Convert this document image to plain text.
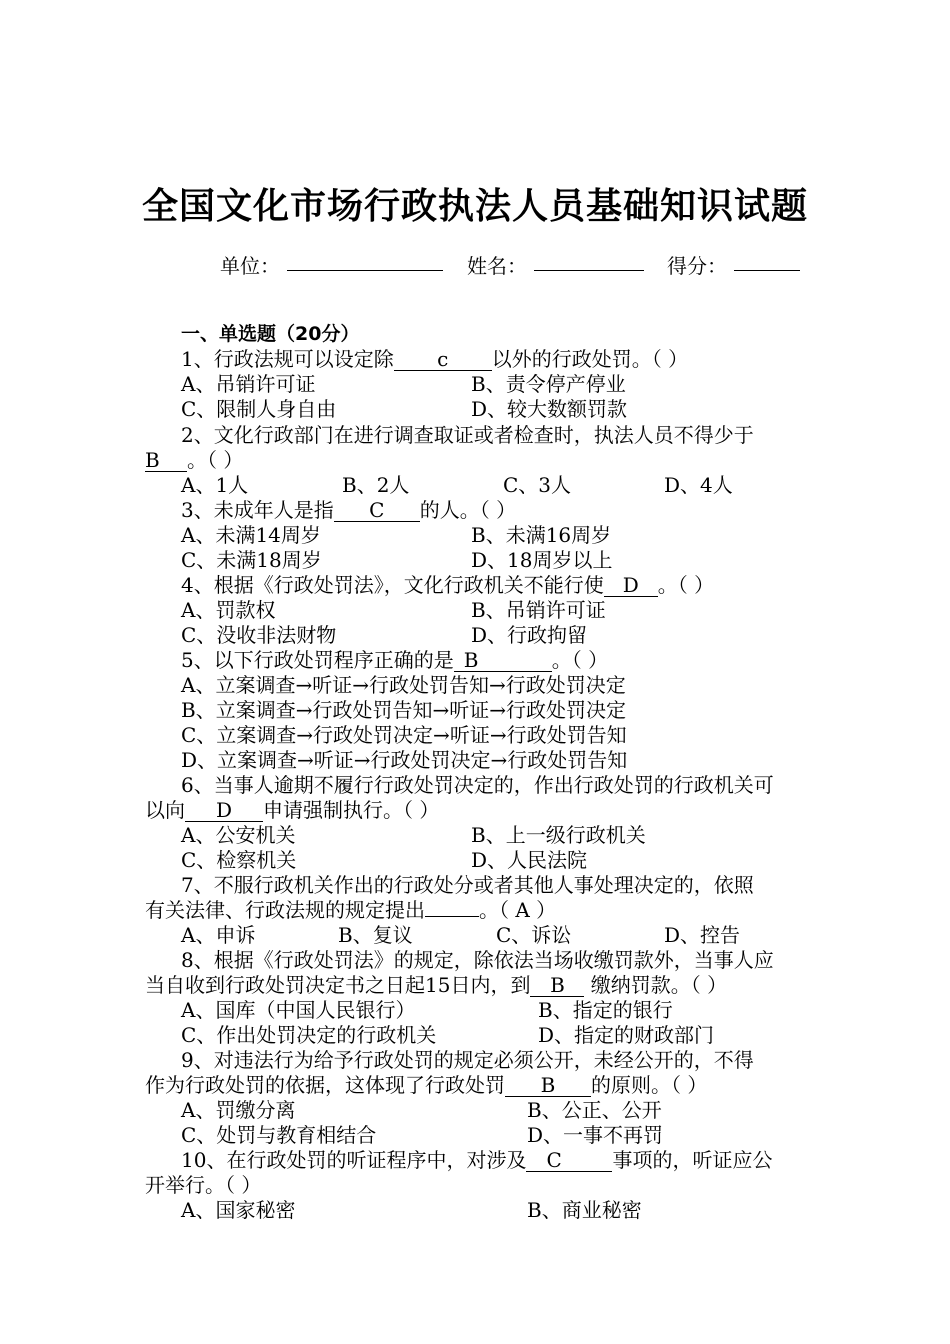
全国文化市场行政执法人员基础知识试题
单位：	姓名：	得分：
一、单选题（20分）
1、行政法规可以设定除 c 以外的行政处罚。（ ）
A、吊销许可证	B、责令停产停业
C、限制人身自由	D、较大数额罚款
2、文化行政部门在进行调查取证或者检查时，执法人员不得少于
B 。（ ）
A、1人	B、2人	C、3人	D、4人
3、未成年人是指 C 的人。（ ）
A、未满14周岁	B、未满16周岁
C、未满18周岁	D、18周岁以上
4、根据《行政处罚法》，文化行政机关不能行使 D 。（ ）
A、罚款权	B、吊销许可证
C、没收非法财物	D、行政拘留
5、以下行政处罚程序正确的是 B	。（ ）
A、立案调查→听证→行政处罚告知→行政处罚决定
B、立案调查→行政处罚告知→听证→行政处罚决定
C、立案调查→行政处罚决定→听证→行政处罚告知
D、立案调查→听证→行政处罚决定→行政处罚告知
6、当事人逾期不履行行政处罚决定的，作出行政处罚的行政机关可
以向 D 申请强制执行。（ ）
A、公安机关	B、上一级行政机关
C、检察机关	D、人民法院
7、不服行政机关作出的行政处分或者其他人事处理决定的，依照
有关法律、行政法规的规定提出	。（ A ）
A、申诉	B、复议	C、诉讼	D、控告
8、根据《行政处罚法》的规定，除依法当场收缴罚款外，当事人应
当自收到行政处罚决定书之日起15日内，到 B 缴纳罚款。（ ）
A、国库（中国人民银行）	B、指定的银行
C、作出处罚决定的行政机关	D、指定的财政部门
9、对违法行为给予行政处罚的规定必须公开，未经公开的，不得
作为行政处罚的依据，这体现了行政处罚 B 的原则。（ ）
A、罚缴分离	B、公正、公开
C、处罚与教育相结合	D、一事不再罚
10、在行政处罚的听证程序中，对涉及 C	事项的，听证应公
开举行。（ ）
A、国家秘密	B、商业秘密
